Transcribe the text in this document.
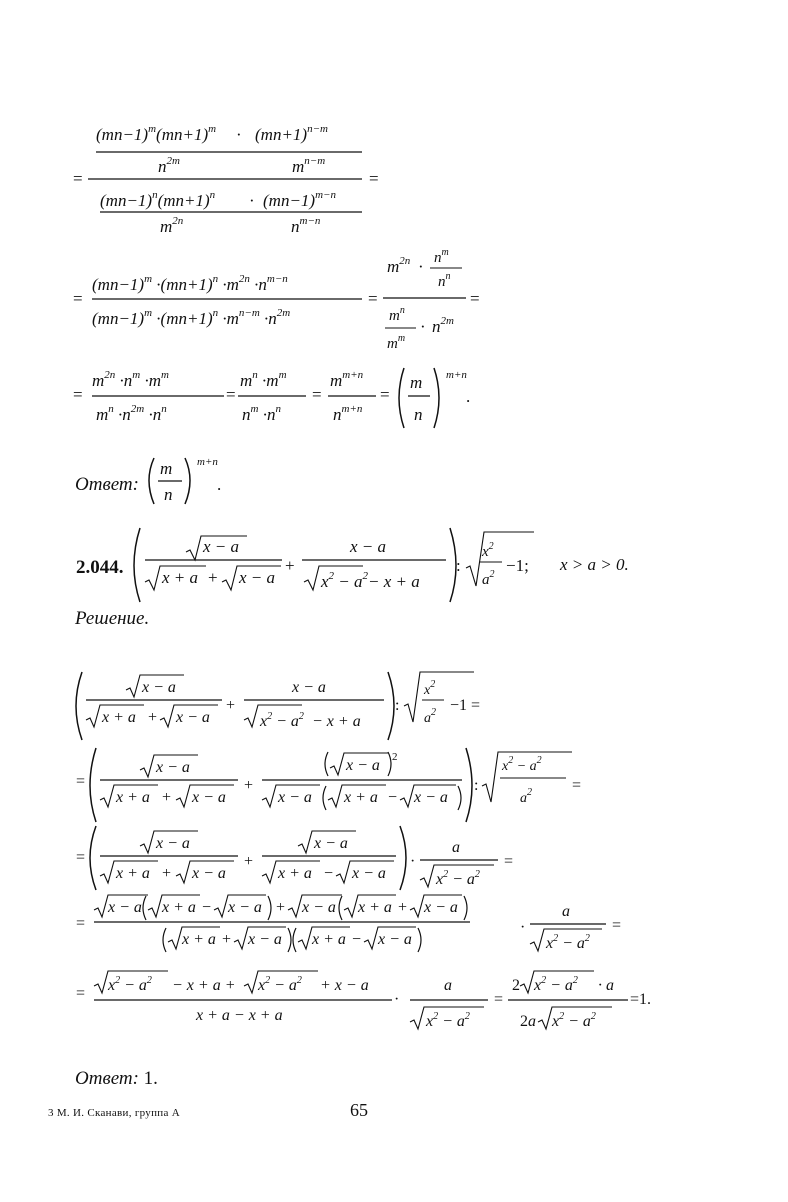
=
$(mn-1)^m(mn+1)^m \cdot (mn+1)^{n-m}$
$n^{2m}$	$m^{n-m}$
$(mn-1)^n(mn+1)^n \cdot (mn-1)^{m-n}$
$m^{2n}$	$n^{m-n}$
=
=
$(mn-1)^m \cdot(mn+1)^n \cdot m^{2n} \cdot n^{m-n}$
$(mn-1)^m \cdot(mn+1)^n \cdot m^{n-m} \cdot n^{2m}$
=
$m^{2n} \cdot n^m$
$n^n$
$m^n$
$m^m$
· $n^{2m}$
=
=
$m^{2n} \cdot n^m \cdot m^m$
$m^n \cdot n^{2m} \cdot n^n$
=
$m^n \cdot m^m$
$n^m \cdot n^n$
=
$m^{m+n}$
$n^{m+n}$
=
m
n
m+n
.
m
n
m+n
.
x − a
x + a + x − a
+
x − a
$x^2 - a^2 - x + a$
:
$x^2$
$a^2 -1$;
x − a
x + a + x − a
+
x − a
$x^2 - a^2 - x + a$
:
$x^2$
$a^2 -1$ =
=
x − a
x + a + x − a
+
x − a 2
x − a x + a − x − a
:
$x^2 - a^2$
$a^2$	=
=
x − a
x + a + x − a
+
x − a
x + a − x − a
·
a
$x^2 - a^2$
=
=
x − a x + a − x − a + x − a x + a + x − a
x + a + x − a x + a − x − a
·
a
$x^2 - a^2$
=
= $x^2 - a^2 - x + a + x^2 - a^2 + x - a$
x + a − x + a
·
a
$x^2 - a^2$
=
2 $x^2 - a^2 \cdot a$
2a $x^2 - a^2$
=1.
Ответ:
2.044.	x > a > 0.
Решение.
Ответ: 1.
3 М. И. Сканави, группа А	65
